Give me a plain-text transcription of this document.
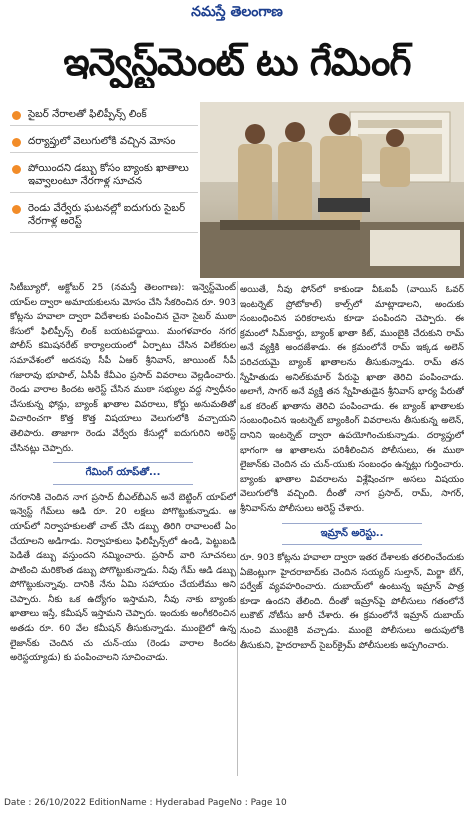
నమస్తే తెలంగాణ
ఇన్వెస్ట్‌మెంట్ టు గేమింగ్
సైబర్ నేరాలతో ఫిలిప్పీన్స్ లింక్
దర్యాప్తులో వెలుగులోకి వచ్చిన మోసం
పోయిందని డబ్బు కోసం బ్యాంకు ఖాతాలు ఇవ్వాలంటూ నేరగాళ్ల సూచన
రెండు వేర్వేరు ఘటనల్లో ఐదుగురు సైబర్ నేరగాళ్ల అరెస్ట్

సిటీబ్యూరో, అక్టోబర్ 25 (నమస్తే తెలంగాణ): ఇన్వెస్ట్‌మెంట్ యాప్‌ల ద్వారా అమాయకులను మోసం చేసి సేకరించిన రూ. 903 కోట్లను హవాలా ద్వారా విదేశాలకు పంపించిన చైనా సైబర్ ముఠా కేసులో ఫిలిప్పీన్స్ లింక్ బయటపడ్డాయి. మంగళవారం నగర పోలీస్ కమిషనరేట్ కార్యాలయంలో ఏర్పాటు చేసిన విలేకరుల సమావేశంలో అదనపు సీపీ ఏఆర్ శ్రీనివాస్, జాయింట్ సీపీ గజారావు భూపాల్, ఏసీపీ కేవీఎం ప్రసాద్ వివరాలు వెల్లడించారు. రెండు వారాల కిందట అరెస్ట్ చేసిన ముఠా సభ్యుల వద్ద స్వాధీనం చేసుకున్న ఫోన్లు, బ్యాంక్ ఖాతాల వివరాలు, కోర్టు అనుమతితో విచారించగా కొత్త కొత్త విషయాలు వెలుగులోకి వచ్చాయని తెలిపారు. తాజాగా రెండు వేర్వేరు కేసుల్లో ఐదుగురిని అరెస్ట్ చేసినట్లు చెప్పారు.

గేమింగ్ యాప్‌తో...

నగరానికి చెందిన నాగ ప్రసాద్ బీఎల్‌బీఎన్ అనే బెట్టింగ్ యాప్‌లో ఇన్వెస్ట్ గేమ్‌లు ఆడి రూ. 20 లక్షలు పోగొట్టుకున్నాడు. ఆ యాప్‌లో నిర్వాహకులతో చాట్ చేసి డబ్బు తిరిగి రావాలంటే ఏం చేయాలని అడిగాడు. నిర్వాహకులు ఫిలిప్పీన్స్‌లో ఉండి, పెట్టుబడి పెడితే డబ్బు వస్తుందని నమ్మించారు. ప్రసాద్ వారి సూచనలు పాటించి మరికొంత డబ్బు పోగొట్టుకున్నాడు. నీవు గేమ్‌ ఆడి డబ్బు పోగొట్టుకున్నావు. దానికి నేను ఏమి సహాయం చేయలేము అని చెప్పారు. నీకు ఒక ఉద్యోగం ఇస్తామని, నీవు నాకు బ్యాంకు ఖాతాలు ఇస్తే, కమీషన్ ఇస్తామని చెప్పారు. ఇందుకు అంగీకరించిన అతడు రూ. 60 వేల కమీషన్ తీసుకున్నాడు. ముంబైలో ఉన్న లైజాన్‌కు చెందిన చు చున్-యు (రెండు వారాల కిందట అరెస్టయ్యాడు) కు పంపించాలని సూచించాడు.

అయితే, నీవు ఫోన్‌లో కాకుండా వీఓఐపీ (వాయిస్ ఓవర్ ఇంటర్నెట్ ప్రోటోకాల్) కాల్స్‌లో మాట్లాడాలని, అందుకు సంబంధించిన పరికరాలను కూడా పంపిందని చెప్పారు. ఈ క్రమంలో సిమ్‌కార్డు, బ్యాంక్ ఖాతా కిట్, ముంబైకి చేరుకుని రామ్ అనే వ్యక్తికి అందజేశాడు. ఈ క్రమంలోనే రామ్ ఇక్కడ అలెన్ పరిచయమై బ్యాంక్ ఖాతాలను తీసుకున్నాడు. రామ్ తన స్నేహితుడు అనిల్‌కుమార్ పేరుపై ఖాతా తెరిచి పంపించాడు. అలాగే, సాగర్ అనే వ్యక్తి తన స్నేహితుడైన శ్రీనివాస్ భార్య పేరుతో ఒక కరెంట్ ఖాతాను తెరిచి పంపించాడు. ఈ బ్యాంక్ ఖాతాలకు సంబంధించిన ఇంటర్నెట్ బ్యాంకింగ్ వివరాలను తీసుకున్న అలెన్, దానిని ఇంటర్నెట్ ద్వారా ఉపయోగించుకున్నాడు. దర్యాప్తులో భాగంగా ఆ ఖాతాలను పరిశీలించిన పోలీసులు, ఈ ముఠా లైజాన్‌కు చెందిన చు చున్-యుకు సంబంధం ఉన్నట్లు గుర్తించారు. బ్యాంకు ఖాతాల వివరాలను విశ్లేషించగా అసలు విషయం వెలుగులోకి వచ్చింది. దీంతో నాగ ప్రసాద్, రామ్, సాగర్, శ్రీనివాస్‌ను పోలీసులు అరెస్ట్ చేశారు.

ఇమ్రాన్ అరెస్టు..

రూ. 903 కోట్లను హవాలా ద్వారా ఇతర దేశాలకు తరలించేందుకు ఏజెంట్లుగా హైదరాబాద్‌కు చెందిన సయ్యద్ సుల్తాన్, మిర్జా బేగ్, పర్వేజ్ వ్యవహరించారు. దుబాయ్‌లో ఉంటున్న ఇమ్రాన్ పాత్ర కూడా ఉందని తేలింది. దీంతో ఇమ్రాన్‌పై పోలీసులు గతంలోనే లుకౌట్ నోటీసు జారీ చేశారు. ఈ క్రమంలోనే ఇమ్రాన్ దుబాయ్ నుంచి ముంబైకి వచ్చాడు. ముంబై పోలీసులు అదుపులోకి తీసుకుని, హైదరాబాద్ సైబర్‌క్రైమ్ పోలీసులకు అప్పగించారు.

Date : 26/10/2022 EditionName : Hyderabad PageNo : Page 10
